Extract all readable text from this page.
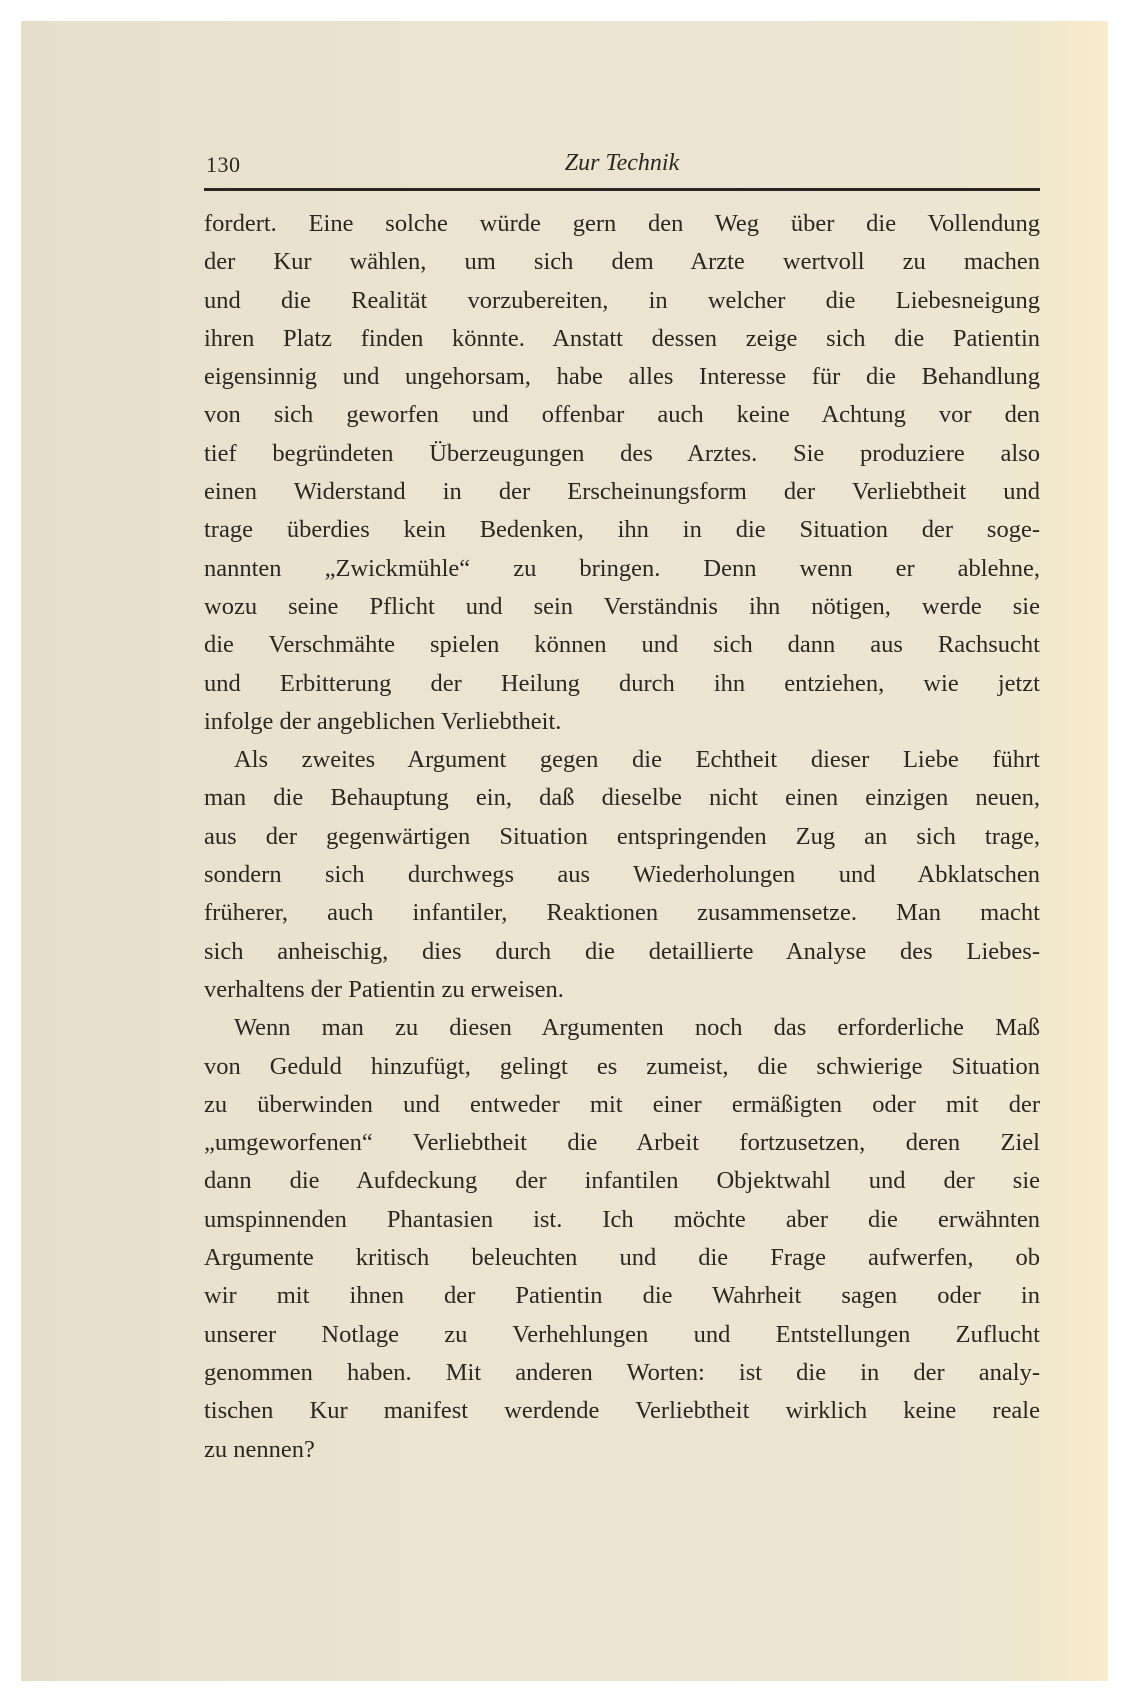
130	Zur Technik
fordert. Eine solche würde gern den Weg über die Vollendung
der Kur wählen, um sich dem Arzte wertvoll zu machen
und die Realität vorzubereiten, in welcher die Liebesneigung
ihren Platz finden könnte. Anstatt dessen zeige sich die Patientin
eigensinnig und ungehorsam, habe alles Interesse für die Behandlung
von sich geworfen und offenbar auch keine Achtung vor den
tief begründeten Überzeugungen des Arztes. Sie produziere also
einen Widerstand in der Erscheinungsform der Verliebtheit und
trage überdies kein Bedenken, ihn in die Situation der soge-
nannten „Zwickmühle“ zu bringen. Denn wenn er ablehne,
wozu seine Pflicht und sein Verständnis ihn nötigen, werde sie
die Verschmähte spielen können und sich dann aus Rachsucht
und Erbitterung der Heilung durch ihn entziehen, wie jetzt
infolge der angeblichen Verliebtheit.
Als zweites Argument gegen die Echtheit dieser Liebe führt
man die Behauptung ein, daß dieselbe nicht einen einzigen neuen,
aus der gegenwärtigen Situation entspringenden Zug an sich trage,
sondern sich durchwegs aus Wiederholungen und Abklatschen
früherer, auch infantiler, Reaktionen zusammensetze. Man macht
sich anheischig, dies durch die detaillierte Analyse des Liebes-
verhaltens der Patientin zu erweisen.
Wenn man zu diesen Argumenten noch das erforderliche Maß
von Geduld hinzufügt, gelingt es zumeist, die schwierige Situation
zu überwinden und entweder mit einer ermäßigten oder mit der
„umgeworfenen“ Verliebtheit die Arbeit fortzusetzen, deren Ziel
dann die Aufdeckung der infantilen Objektwahl und der sie
umspinnenden Phantasien ist. Ich möchte aber die erwähnten
Argumente kritisch beleuchten und die Frage aufwerfen, ob
wir mit ihnen der Patientin die Wahrheit sagen oder in
unserer Notlage zu Verhehlungen und Entstellungen Zuflucht
genommen haben. Mit anderen Worten: ist die in der analy-
tischen Kur manifest werdende Verliebtheit wirklich keine reale
zu nennen?
